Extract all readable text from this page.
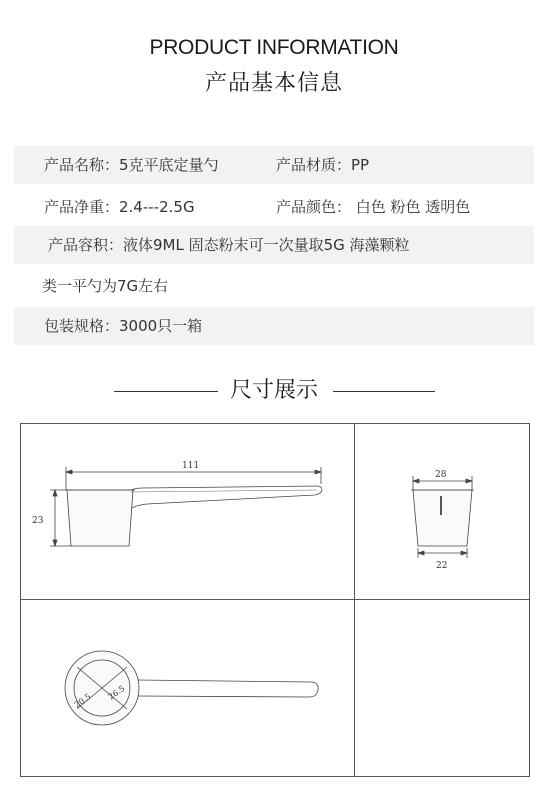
PRODUCT INFORMATION
产品基本信息
产品名称：5克平底定量勺	产品材质：PP
产品净重：2.4---2.5G	产品颜色： 白色 粉色 透明色
产品容积：液体9ML 固态粉末可一次量取5G 海藻颗粒
类一平勺为7G左右
包装规格：3000只一箱
尺寸展示
111
23
28
22
20.5 26.5
